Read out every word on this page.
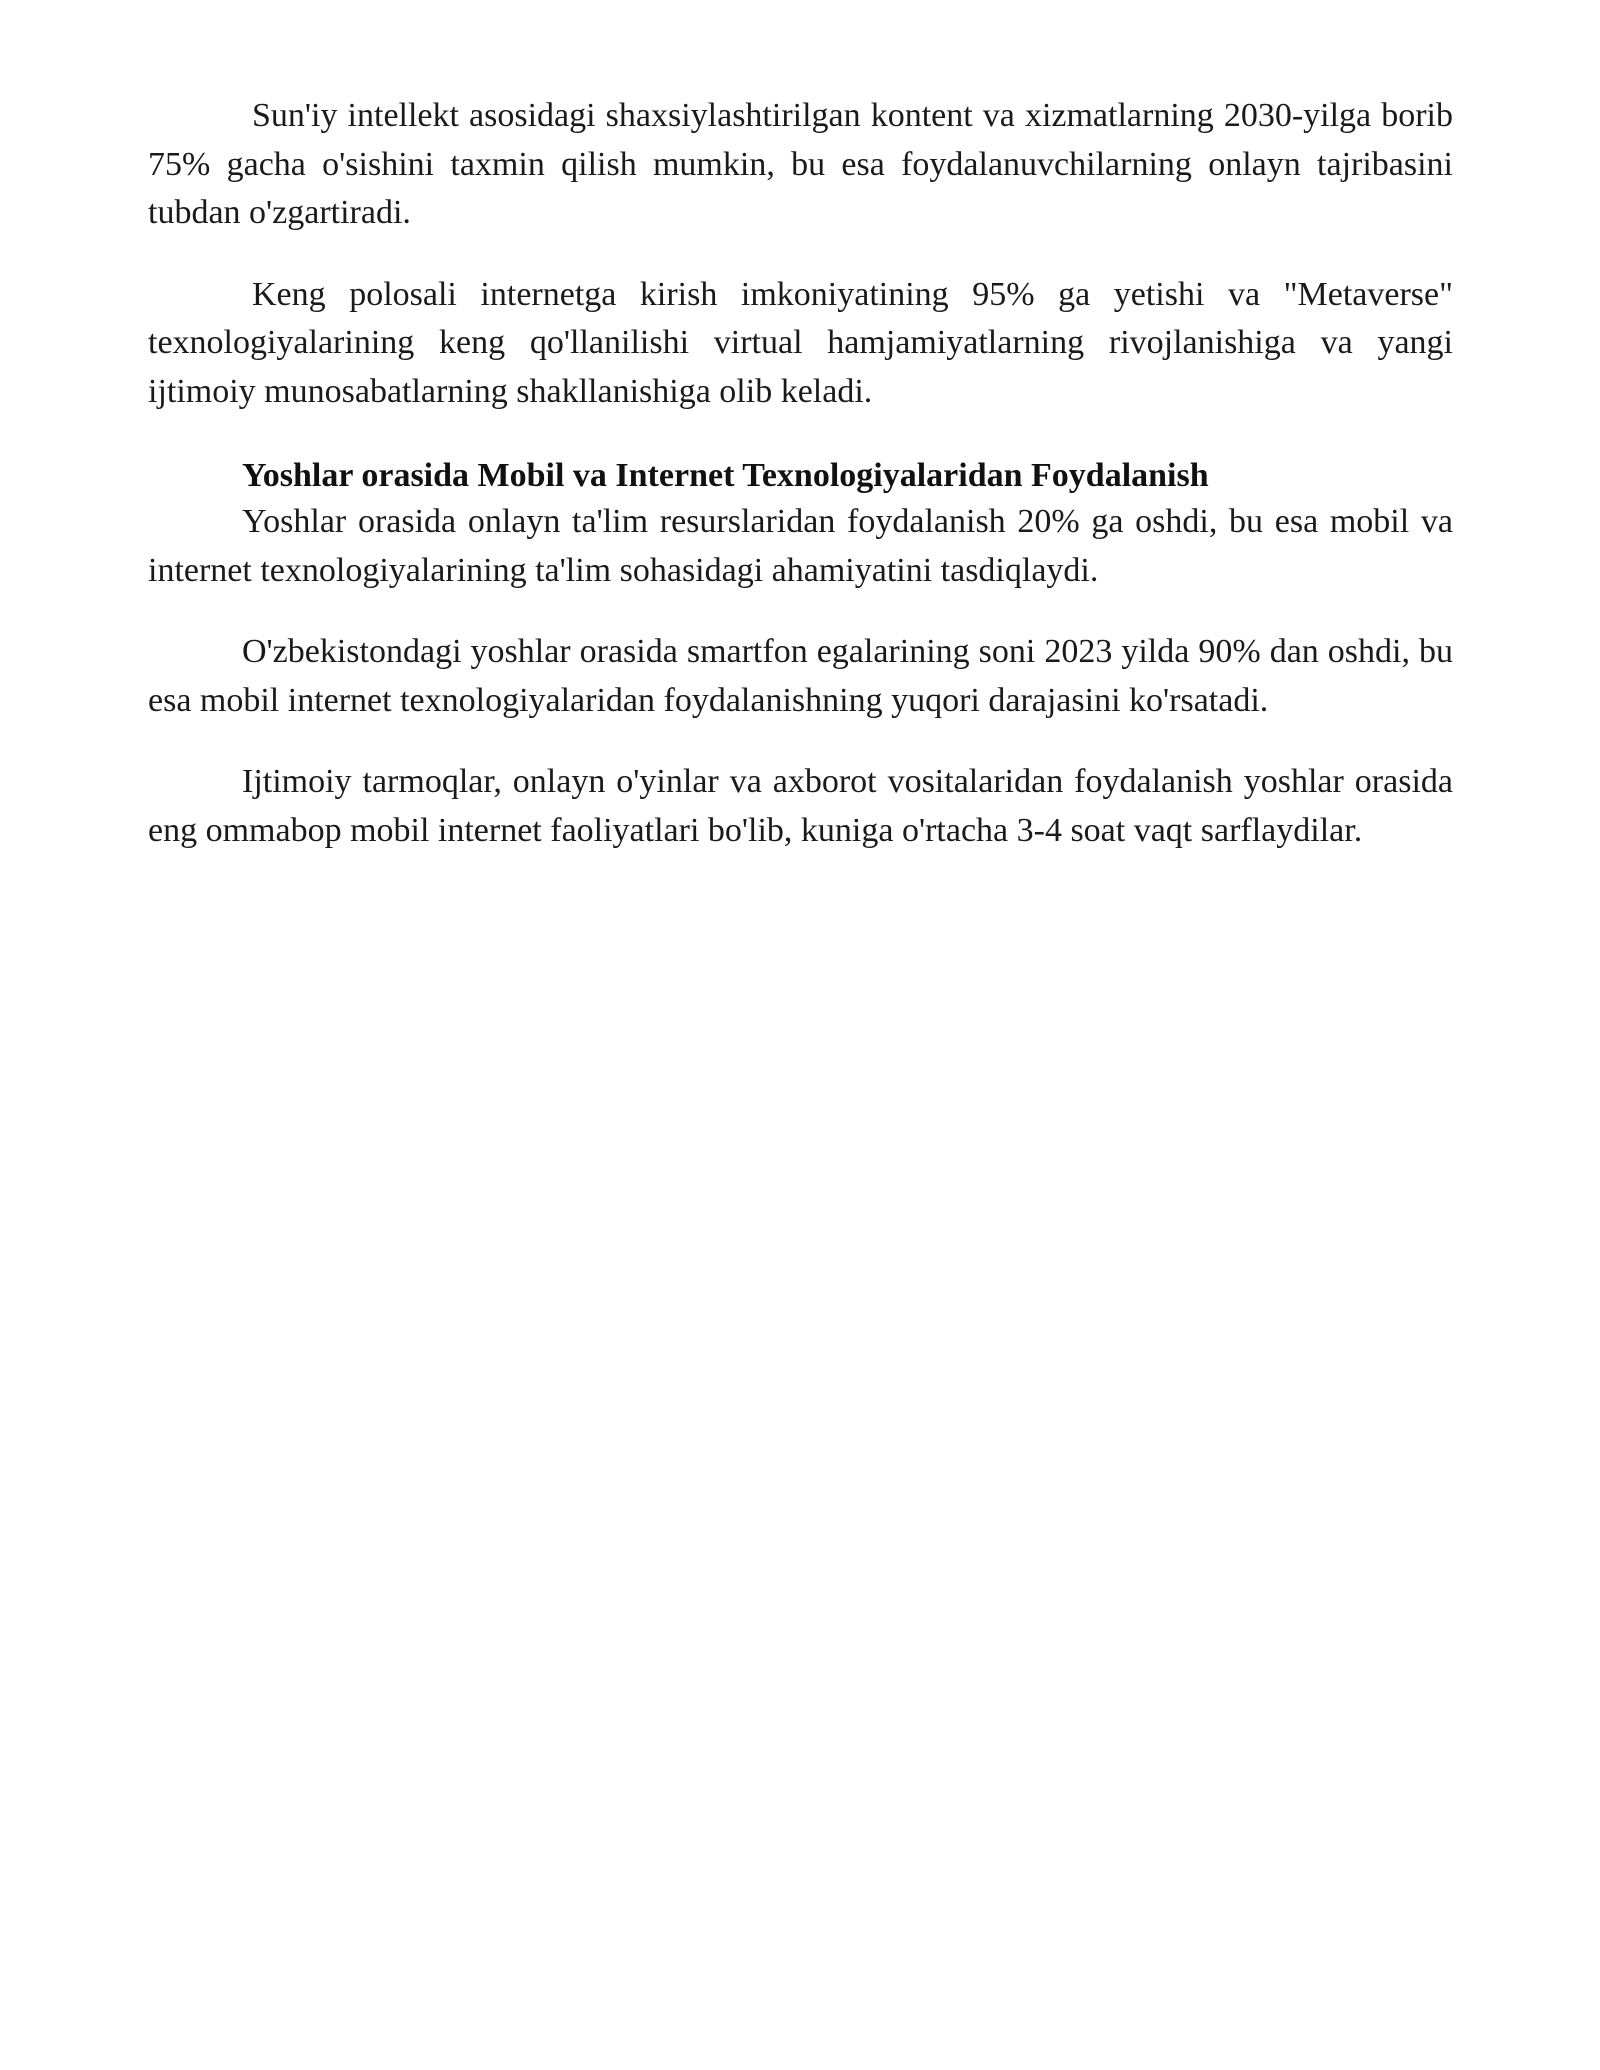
Sun'iy intellekt asosidagi shaxsiylashtirilgan kontent va xizmatlarning 2030-yilga borib 75% gacha o'sishini taxmin qilish mumkin, bu esa foydalanuvchilarning onlayn tajribasini tubdan o'zgartiradi.

Keng polosali internetga kirish imkoniyatining 95% ga yetishi va "Metaverse" texnologiyalarining keng qo'llanilishi virtual hamjamiyatlarning rivojlanishiga va yangi ijtimoiy munosabatlarning shakllanishiga olib keladi.

Yoshlar orasida Mobil va Internet Texnologiyalaridan Foydalanish

Yoshlar orasida onlayn ta'lim resurslaridan foydalanish 20% ga oshdi, bu esa mobil va internet texnologiyalarining ta'lim sohasidagi ahamiyatini tasdiqlaydi.

O'zbekistondagi yoshlar orasida smartfon egalarining soni 2023 yilda 90% dan oshdi, bu esa mobil internet texnologiyalaridan foydalanishning yuqori darajasini ko'rsatadi.

Ijtimoiy tarmoqlar, onlayn o'yinlar va axborot vositalaridan foydalanish yoshlar orasida eng ommabop mobil internet faoliyatlari bo'lib, kuniga o'rtacha 3-4 soat vaqt sarflaydilar.
